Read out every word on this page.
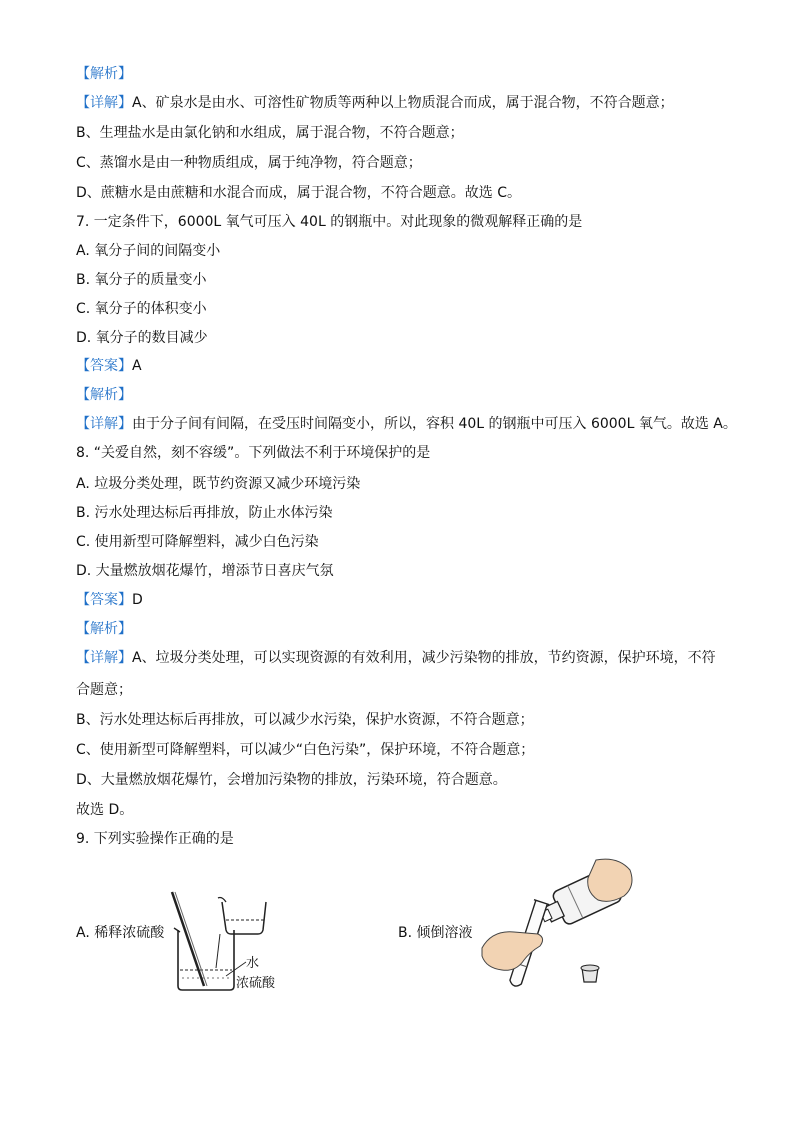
【解析】
【详解】A、矿泉水是由水、可溶性矿物质等两种以上物质混合而成，属于混合物，不符合题意；
B、生理盐水是由氯化钠和水组成，属于混合物，不符合题意；
C、蒸馏水是由一种物质组成，属于纯净物，符合题意；
D、蔗糖水是由蔗糖和水混合而成，属于混合物，不符合题意。故选 C。
7. 一定条件下，6000L 氧气可压入 40L 的钢瓶中。对此现象的微观解释正确的是
A. 氧分子间的间隔变小
B. 氧分子的质量变小
C. 氧分子的体积变小
D. 氧分子的数目减少
【答案】A
【解析】
【详解】由于分子间有间隔，在受压时间隔变小，所以，容积 40L 的钢瓶中可压入 6000L 氧气。故选 A。
8. “关爱自然，刻不容缓”。下列做法不利于环境保护的是
A. 垃圾分类处理，既节约资源又减少环境污染
B. 污水处理达标后再排放，防止水体污染
C. 使用新型可降解塑料，减少白色污染
D. 大量燃放烟花爆竹，增添节日喜庆气氛
【答案】D
【解析】
【详解】A、垃圾分类处理，可以实现资源的有效利用，减少污染物的排放，节约资源，保护环境，不符
合题意；
B、污水处理达标后再排放，可以减少水污染，保护水资源，不符合题意；
C、使用新型可降解塑料，可以减少“白色污染”，保护环境，不符合题意；
D、大量燃放烟花爆竹，会增加污染物的排放，污染环境，符合题意。
故选 D。
9. 下列实验操作正确的是
A. 稀释浓硫酸	B. 倾倒溶液
水
浓硫酸
